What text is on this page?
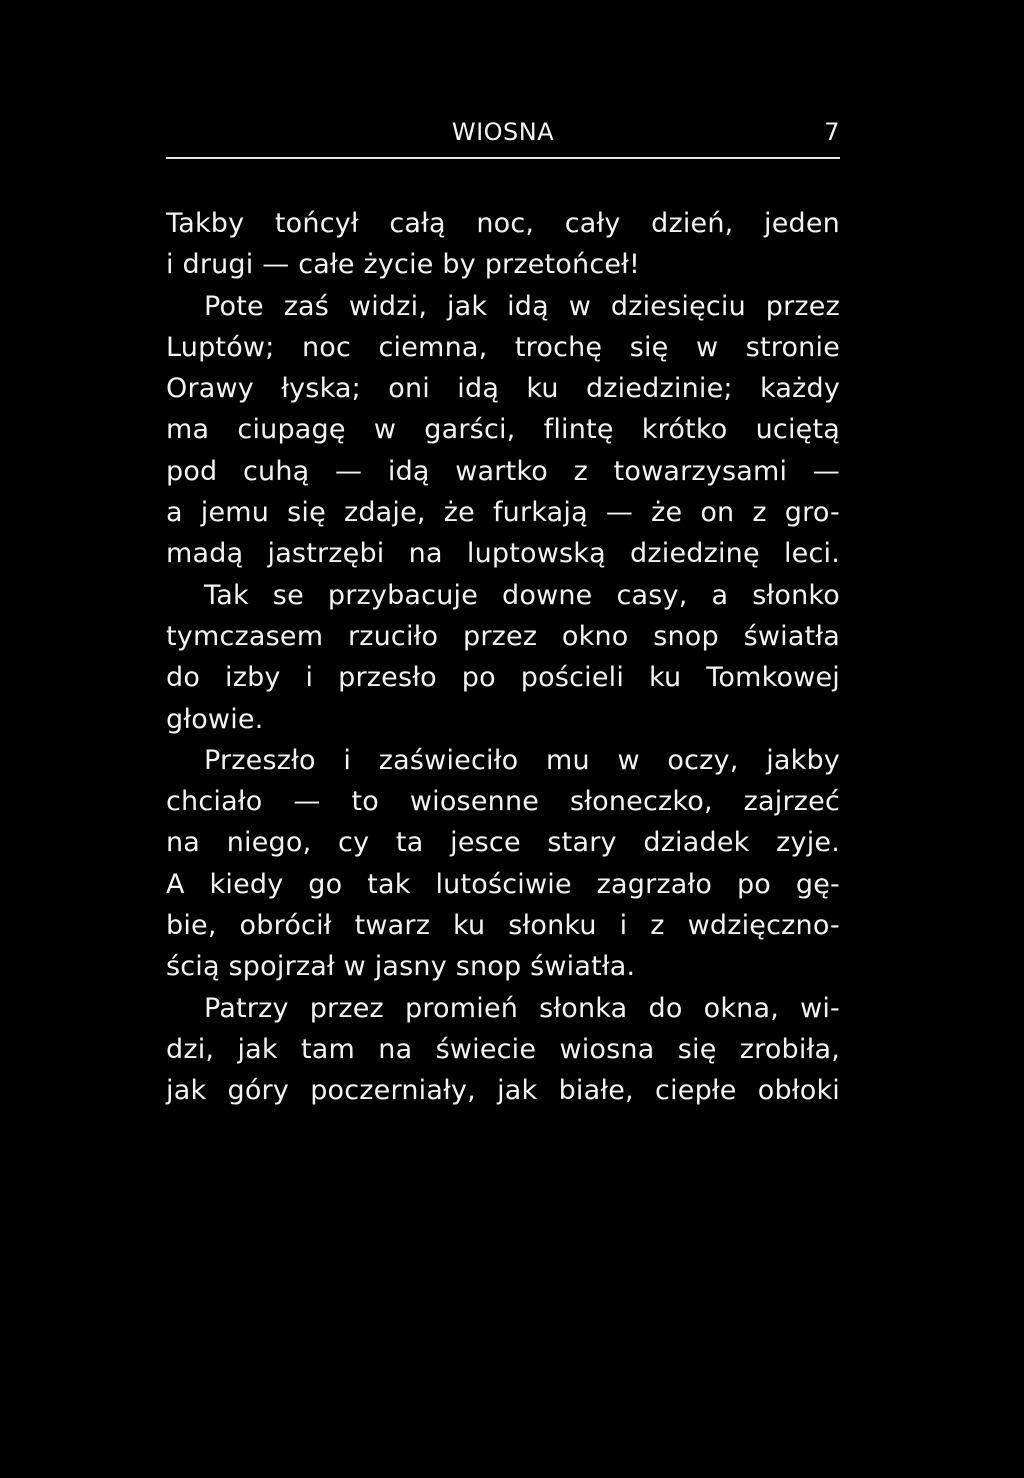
WIOSNA	7
Takby tońcył całą noc, cały dzień, jeden
i drugi — całe życie by przetońceł!
Pote zaś widzi, jak idą w dziesięciu przez
Luptów; noc ciemna, trochę się w stronie
Orawy łyska; oni idą ku dziedzinie; każdy
ma ciupagę w garści, flintę krótko uciętą
pod cuhą — idą wartko z towarzysami —
a jemu się zdaje, że furkają — że on z gro-
madą jastrzębi na luptowską dziedzinę leci.
Tak se przybacuje downe casy, a słonko
tymczasem rzuciło przez okno snop światła
do izby i przesło po pościeli ku Tomkowej
głowie.
Przeszło i zaświeciło mu w oczy, jakby
chciało — to wiosenne słoneczko, zajrzeć
na niego, cy ta jesce stary dziadek zyje.
A kiedy go tak lutościwie zagrzało po gę-
bie, obrócił twarz ku słonku i z wdzięczno-
ścią spojrzał w jasny snop światła.
Patrzy przez promień słonka do okna, wi-
dzi, jak tam na świecie wiosna się zrobiła,
jak góry poczerniały, jak białe, ciepłe obłoki
